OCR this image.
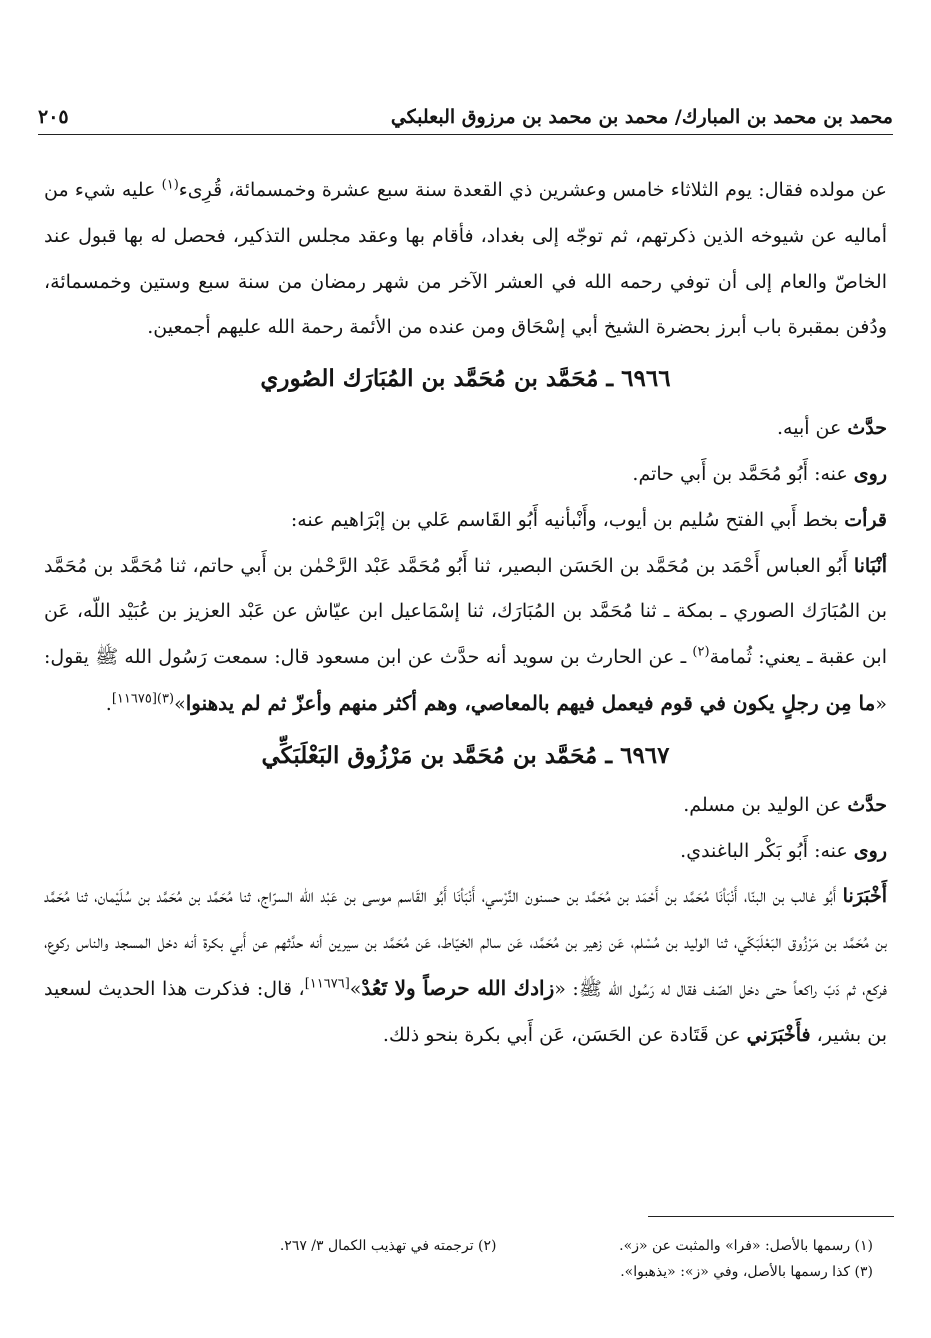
محمد بن محمد بن المبارك/ محمد بن محمد بن مرزوق البعلبكي
٢٠٥

عن مولده فقال: يوم الثلاثاء خامس وعشرين ذي القعدة سنة سبع عشرة وخمسمائة، قُرِىء$^{(١)}$ عليه شيء من أماليه عن شيوخه الذين ذكرتهم، ثم توجّه إلى بغداد، فأقام بها وعقد مجلس التذكير، فحصل له بها قبول عند الخاصّ والعام إلى أن توفي رحمه الله في العشر الآخر من شهر رمضان من سنة سبع وستين وخمسمائة، ودُفن بمقبرة باب أبرز بحضرة الشيخ أبي إسْحَاق ومن عنده من الأئمة رحمة الله عليهم أجمعين.

٦٩٦٦ ـ مُحَمَّد بن مُحَمَّد بن المُبَارَك الصُوري

حدَّث عن أبيه.

روى عنه: أَبُو مُحَمَّد بن أَبي حاتم.

قرأت بخط أَبي الفتح سُليم بن أيوب، وأَنْبأنيه أَبُو القَاسم عَلي بن إبْرَاهيم عنه:

أنْبَانا أَبُو العباس أَحْمَد بن مُحَمَّد بن الحَسَن البصير، ثنا أَبُو مُحَمَّد عَبْد الرَّحْمٰن بن أَبي حاتم، ثنا مُحَمَّد بن مُحَمَّد بن المُبَارَك الصوري ـ بمكة ـ ثنا مُحَمَّد بن المُبَارَك، ثنا إسْمَاعيل ابن عيّاش عن عَبْد العزيز بن عُبَيْد اللّه، عَن ابن عقبة ـ يعني: ثُمامة$^{(٢)}$ ـ عن الحارث بن سويد أنه حدَّث عن ابن مسعود قال: سمعت رَسُول الله ﷺ يقول: «ما مِن رجلٍ يكون في قوم فيعمل فيهم بالمعاصي، وهم أكثر منهم وأعزّ ثم لم يدهنوا»$^{(٣)[١١٦٧٥]}$.

٦٩٦٧ ـ مُحَمَّد بن مُحَمَّد بن مَرْزُوق البَعْلَبَكِّي

حدَّث عن الوليد بن مسلم.

روى عنه: أَبُو بَكْر الباغندي.

أَخْبَرَنا أَبُو غالب بن البنّا، أَنْبَأنَا مُحَمَّد بن أَحْمَد بن مُحَمَّد بن حسنون النَّرْسي، أَنْبَأنَا أَبُو القَاسم موسى بن عَبْد اللّه السرّاج، ثنا مُحَمَّد بن مُحَمَّد بن سُلَيْمان، ثنا مُحَمَّد بن مُحَمَّد بن مَرْزُوق البَعْلَبَكّي، ثنا الوليد بن مُسْلم، عَن زهير بن مُحَمَّد، عَن سالم الخيّاط، عَن مُحَمَّد بن سيرين أنه حدَّثهم عن أَبي بكرة أنه دخل المسجد والناس ركوع، فركع، ثم دَبّ راكعاً حتى دخل الصّف فقال له رَسُول الله ﷺ: «زادك الله حرصاً ولا تَعُدْ»[١١٦٧٦]، قال: فذكرت هذا الحديث لسعيد بن بشير، فأَخْبَرَني عن قَتَادة عن الحَسَن، عَن أَبي بكرة بنحو ذلك.

(١) رسمها بالأصل: «فرا» والمثبت عن «ز».
(٢) ترجمته في تهذيب الكمال ٣/ ٢٦٧.
(٣) كذا رسمها بالأصل، وفي «ز»: «يذهبوا».
